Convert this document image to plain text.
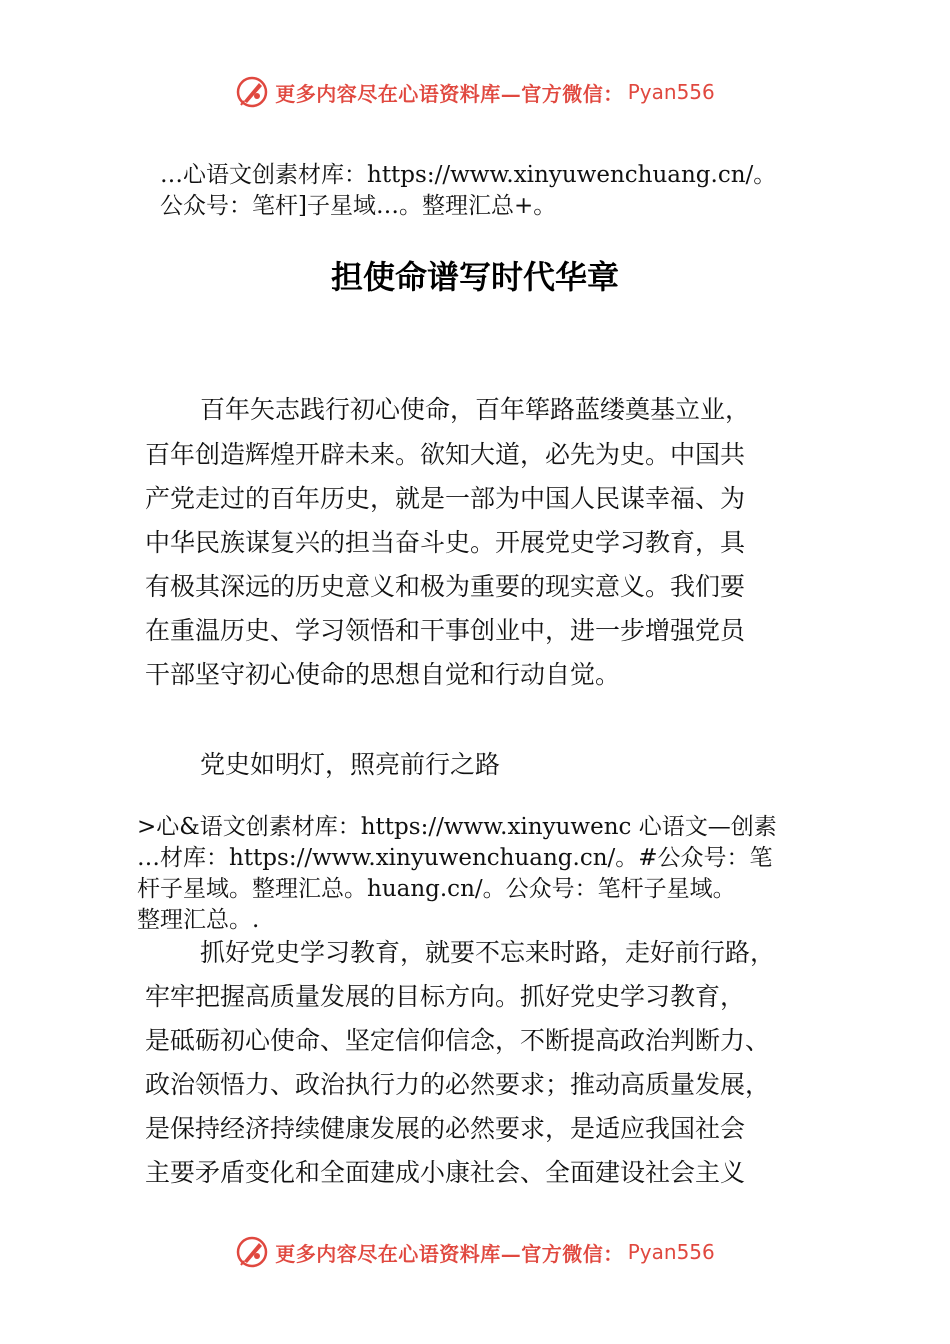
更多内容尽在心语资料库—官方微信： Pyan556
…心语文创素材库：https://www.xinyuwenchuang.cn/。
公众号：笔杆]子星域…。整理汇总+。
担使命谱写时代华章
百年矢志践行初心使命，百年筚路蓝缕奠基立业，
百年创造辉煌开辟未来。欲知大道，必先为史。中国共
产党走过的百年历史，就是一部为中国人民谋幸福、为
中华民族谋复兴的担当奋斗史。开展党史学习教育，具
有极其深远的历史意义和极为重要的现实意义。我们要
在重温历史、学习领悟和干事创业中，进一步增强党员
干部坚守初心使命的思想自觉和行动自觉。
党史如明灯，照亮前行之路
>心&语文创素材库：https://www.xinyuwenc 心语文—创素
…材库：https://www.xinyuwenchuang.cn/。#公众号：笔
杆子星域。整理汇总。huang.cn/。公众号：笔杆子星域。
整理汇总。.
抓好党史学习教育，就要不忘来时路，走好前行路，
牢牢把握高质量发展的目标方向。抓好党史学习教育，
是砥砺初心使命、坚定信仰信念，不断提高政治判断力、
政治领悟力、政治执行力的必然要求；推动高质量发展，
是保持经济持续健康发展的必然要求，是适应我国社会
主要矛盾变化和全面建成小康社会、全面建设社会主义
更多内容尽在心语资料库—官方微信： Pyan556
